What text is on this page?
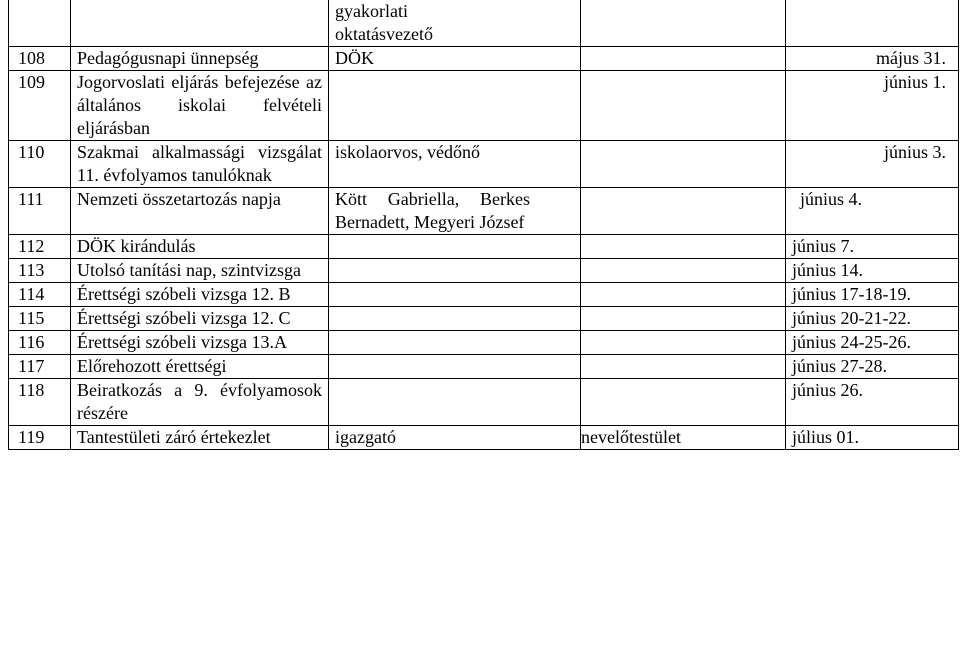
		gyakorlati oktatásvezető		

108	Pedagógusnapi ünnepség	DÖK		május 31.

109	Jogorvoslati eljárás befejezése az általános iskolai felvételi eljárásban			június 1.

110	Szakmai alkalmassági vizsgálat 11. évfolyamos tanulóknak	iskolaorvos, védőnő		június 3.

111	Nemzeti összetartozás napja	Kött Gabriella, Berkes Bernadett, Megyeri József		június 4.

112	DÖK kirándulás			június 7.

113	Utolsó tanítási nap, szintvizsga			június 14.

114	Érettségi szóbeli vizsga 12. B			június 17-18-19.

115	Érettségi szóbeli vizsga 12. C			június 20-21-22.

116	Érettségi szóbeli vizsga 13.A			június 24-25-26.

117	Előrehozott érettségi			június 27-28.

118	Beiratkozás a 9. évfolyamosok részére			június 26.

119	Tantestületi záró értekezlet	igazgató	nevelőtestület	július 01.
